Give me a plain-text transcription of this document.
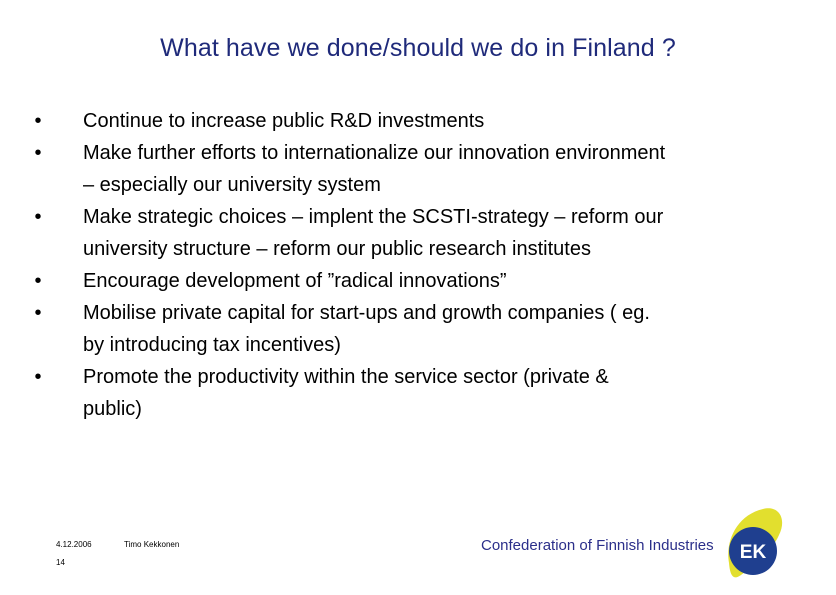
What have we done/should we do in Finland ?
•	Continue to increase public R&D investments
•	Make further efforts to internationalize our innovation environment
– especially our university system
•	Make strategic choices – implent the SCSTI-strategy – reform our
university structure – reform our public research institutes
•	Encourage development of ”radical innovations”
•	Mobilise private capital for start-ups and growth companies ( eg.
by introducing tax incentives)
•	Promote the productivity within the service sector (private &
public)
4.12.2006	Timo Kekkonen
14
Confederation of Finnish Industries EK
